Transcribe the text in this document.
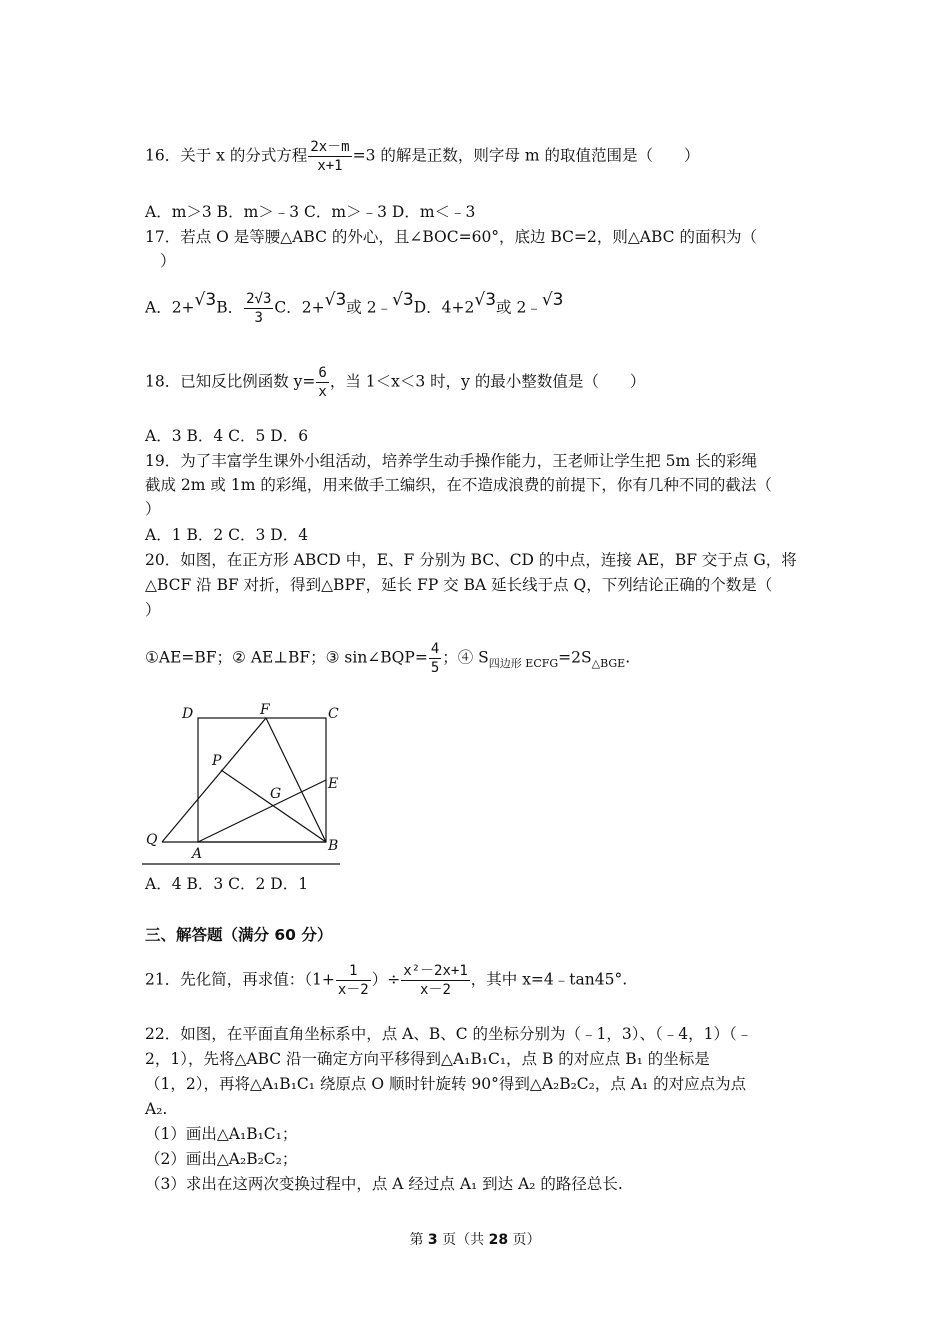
16．关于 x 的分式方程 $\frac{2x-m}{x+1} =3$ 的解是正数，则字母 m 的取值范围是（　　）
A．m＞3 B．m＞﹣3 C．m＞﹣3 D．m＜﹣3
17．若点 O 是等腰△ABC 的外心，且∠BOC=60°，底边 BC=2，则△ABC 的面积为（
）
A．2+√3B． $\frac{2√3}{3}$ C．2+√3或 2﹣√3D．4+2√3或 2﹣√3
18．已知反比例函数 $y= \frac{6}{x}$ ，当 1＜x＜3 时，y 的最小整数值是（　　）
A．3 B．4 C．5 D．6
19．为了丰富学生课外小组活动，培养学生动手操作能力，王老师让学生把 5m 长的彩绳
截成 2m 或 1m 的彩绳，用来做手工编织，在不造成浪费的前提下，你有几种不同的截法（
）
A．1 B．2 C．3 D．4
20．如图，在正方形 ABCD 中，E、F 分别为 BC、CD 的中点，连接 AE，BF 交于点 G，将
△BCF 沿 BF 对折，得到△BPF，延长 FP 交 BA 延长线于点 Q，下列结论正确的个数是（
）
①AE=BF；② AE⊥BF；③ sin∠BQP= $\frac{4}{5}$ ；④ $S_{四边形 ECFG}=2S_{\triangle BGE}$.
D	F	C
P
E
G
Q
A	B
A．4 B．3 C．2 D．1
三、解答题（满分 60 分）
21．先化简，再求值：（$1+ \frac{1}{x-2}$ ）÷ $\frac{\text{x²－2x+1}}{x-2}$ ，其中 x=4﹣tan45°.
22．如图，在平面直角坐标系中，点 A、B、C 的坐标分别为（﹣1，3）、（﹣4，1）（﹣
2，1），先将△ABC 沿一确定方向平移得到△A₁B₁C₁，点 B 的对应点 B₁ 的坐标是
（1，2），再将△A₁B₁C₁ 绕原点 O 顺时针旋转 90°得到△A₂B₂C₂，点 A₁ 的对应点为点
A₂.
（1）画出△A₁B₁C₁；
（2）画出△A₂B₂C₂；
（3）求出在这两次变换过程中，点 A 经过点 A₁ 到达 A₂ 的路径总长.
第 3 页（共 28 页）
